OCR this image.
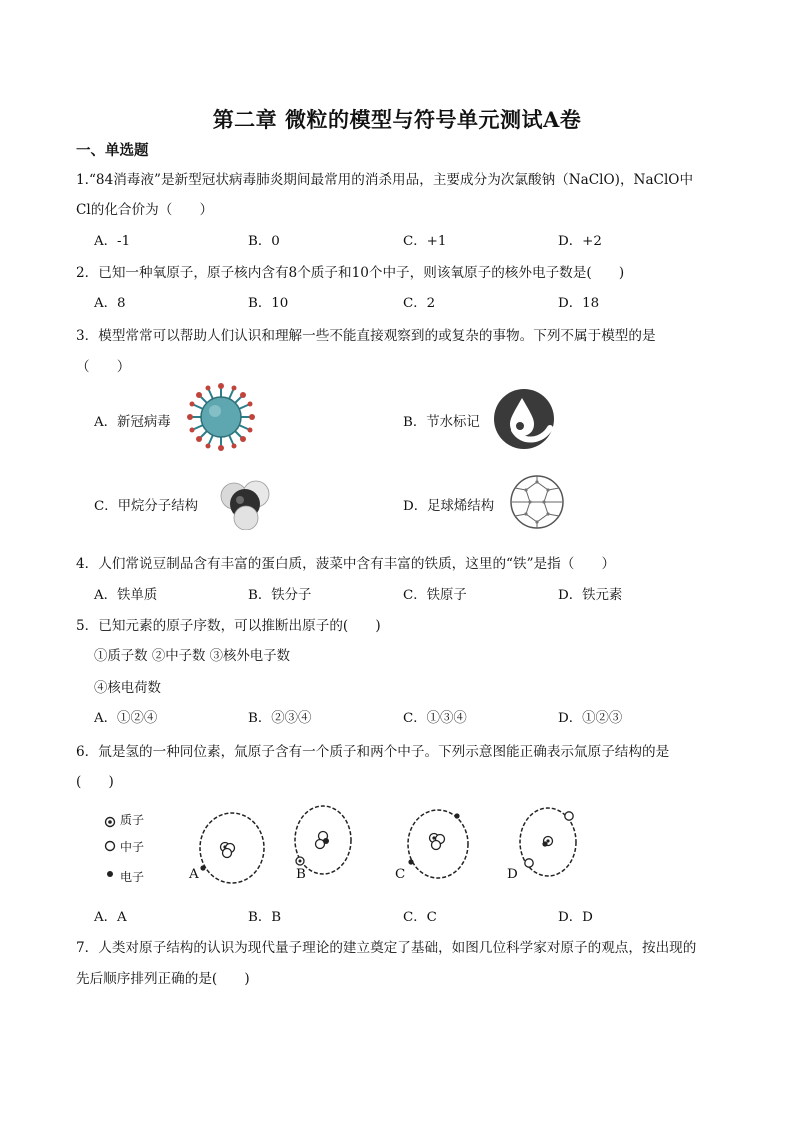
第二章 微粒的模型与符号单元测试A卷
一、单选题
1.“84消毒液”是新型冠状病毒肺炎期间最常用的消杀用品，主要成分为次氯酸钠（NaClO)，NaClO中
Cl的化合价为（　　）
A．-1	B．0	C．+1	D．+2
2．已知一种氧原子，原子核内含有8个质子和10个中子，则该氧原子的核外电子数是(　　)
A．8	B．10	C．2	D．18
3．模型常常可以帮助人们认识和理解一些不能直接观察到的或复杂的事物。下列不属于模型的是
（　　）
A．新冠病毒	B．节水标记
C．甲烷分子结构	D．足球烯结构
4．人们常说豆制品含有丰富的蛋白质，菠菜中含有丰富的铁质，这里的“铁”是指（　　）
A．铁单质	B．铁分子	C．铁原子	D．铁元素
5．已知元素的原子序数，可以推断出原子的(　　)
①质子数 ②中子数 ③核外电子数
④核电荷数
A．①②④	B．②③④	C．①③④	D．①②③
6．氚是氢的一种同位素，氚原子含有一个质子和两个中子。下列示意图能正确表示氚原子结构的是
(　　)
质子
中子
电子	A	B	C	D
A．A	B．B	C．C	D．D
7．人类对原子结构的认识为现代量子理论的建立奠定了基础，如图几位科学家对原子的观点，按出现的
先后顺序排列正确的是(　　)
